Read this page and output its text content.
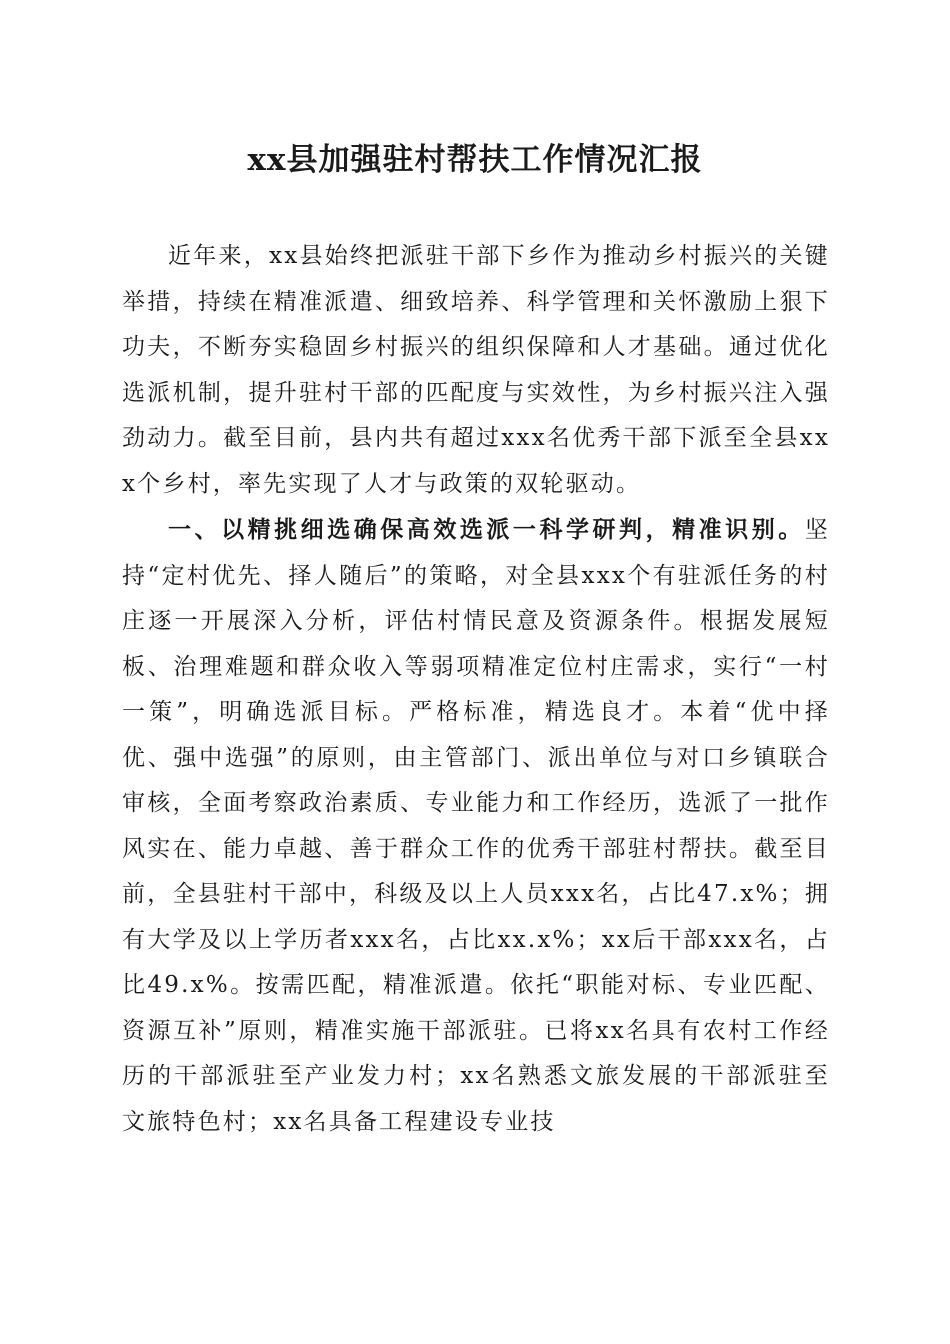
xx县加强驻村帮扶工作情况汇报

近年来，xx县始终把派驻干部下乡作为推动乡村振兴的关键举措，持续在精准派遣、细致培养、科学管理和关怀激励上狠下功夫，不断夯实稳固乡村振兴的组织保障和人才基础。通过优化选派机制，提升驻村干部的匹配度与实效性，为乡村振兴注入强劲动力。截至目前，县内共有超过xxx名优秀干部下派至全县xxx个乡村，率先实现了人才与政策的双轮驱动。

一、以精挑细选确保高效选派一科学研判，精准识别。坚持“定村优先、择人随后”的策略，对全县xxx个有驻派任务的村庄逐一开展深入分析，评估村情民意及资源条件。根据发展短板、治理难题和群众收入等弱项精准定位村庄需求，实行“一村一策”，明确选派目标。严格标准，精选良才。本着“优中择优、强中选强”的原则，由主管部门、派出单位与对口乡镇联合审核，全面考察政治素质、专业能力和工作经历，选派了一批作风实在、能力卓越、善于群众工作的优秀干部驻村帮扶。截至目前，全县驻村干部中，科级及以上人员xxx名，占比47.x%；拥有大学及以上学历者xxx名，占比xx.x%；xx后干部xxx名，占比49.x%。按需匹配，精准派遣。依托“职能对标、专业匹配、资源互补”原则，精准实施干部派驻。已将xx名具有农村工作经历的干部派驻至产业发力村；xx名熟悉文旅发展的干部派驻至文旅特色村；xx名具备工程建设专业技
